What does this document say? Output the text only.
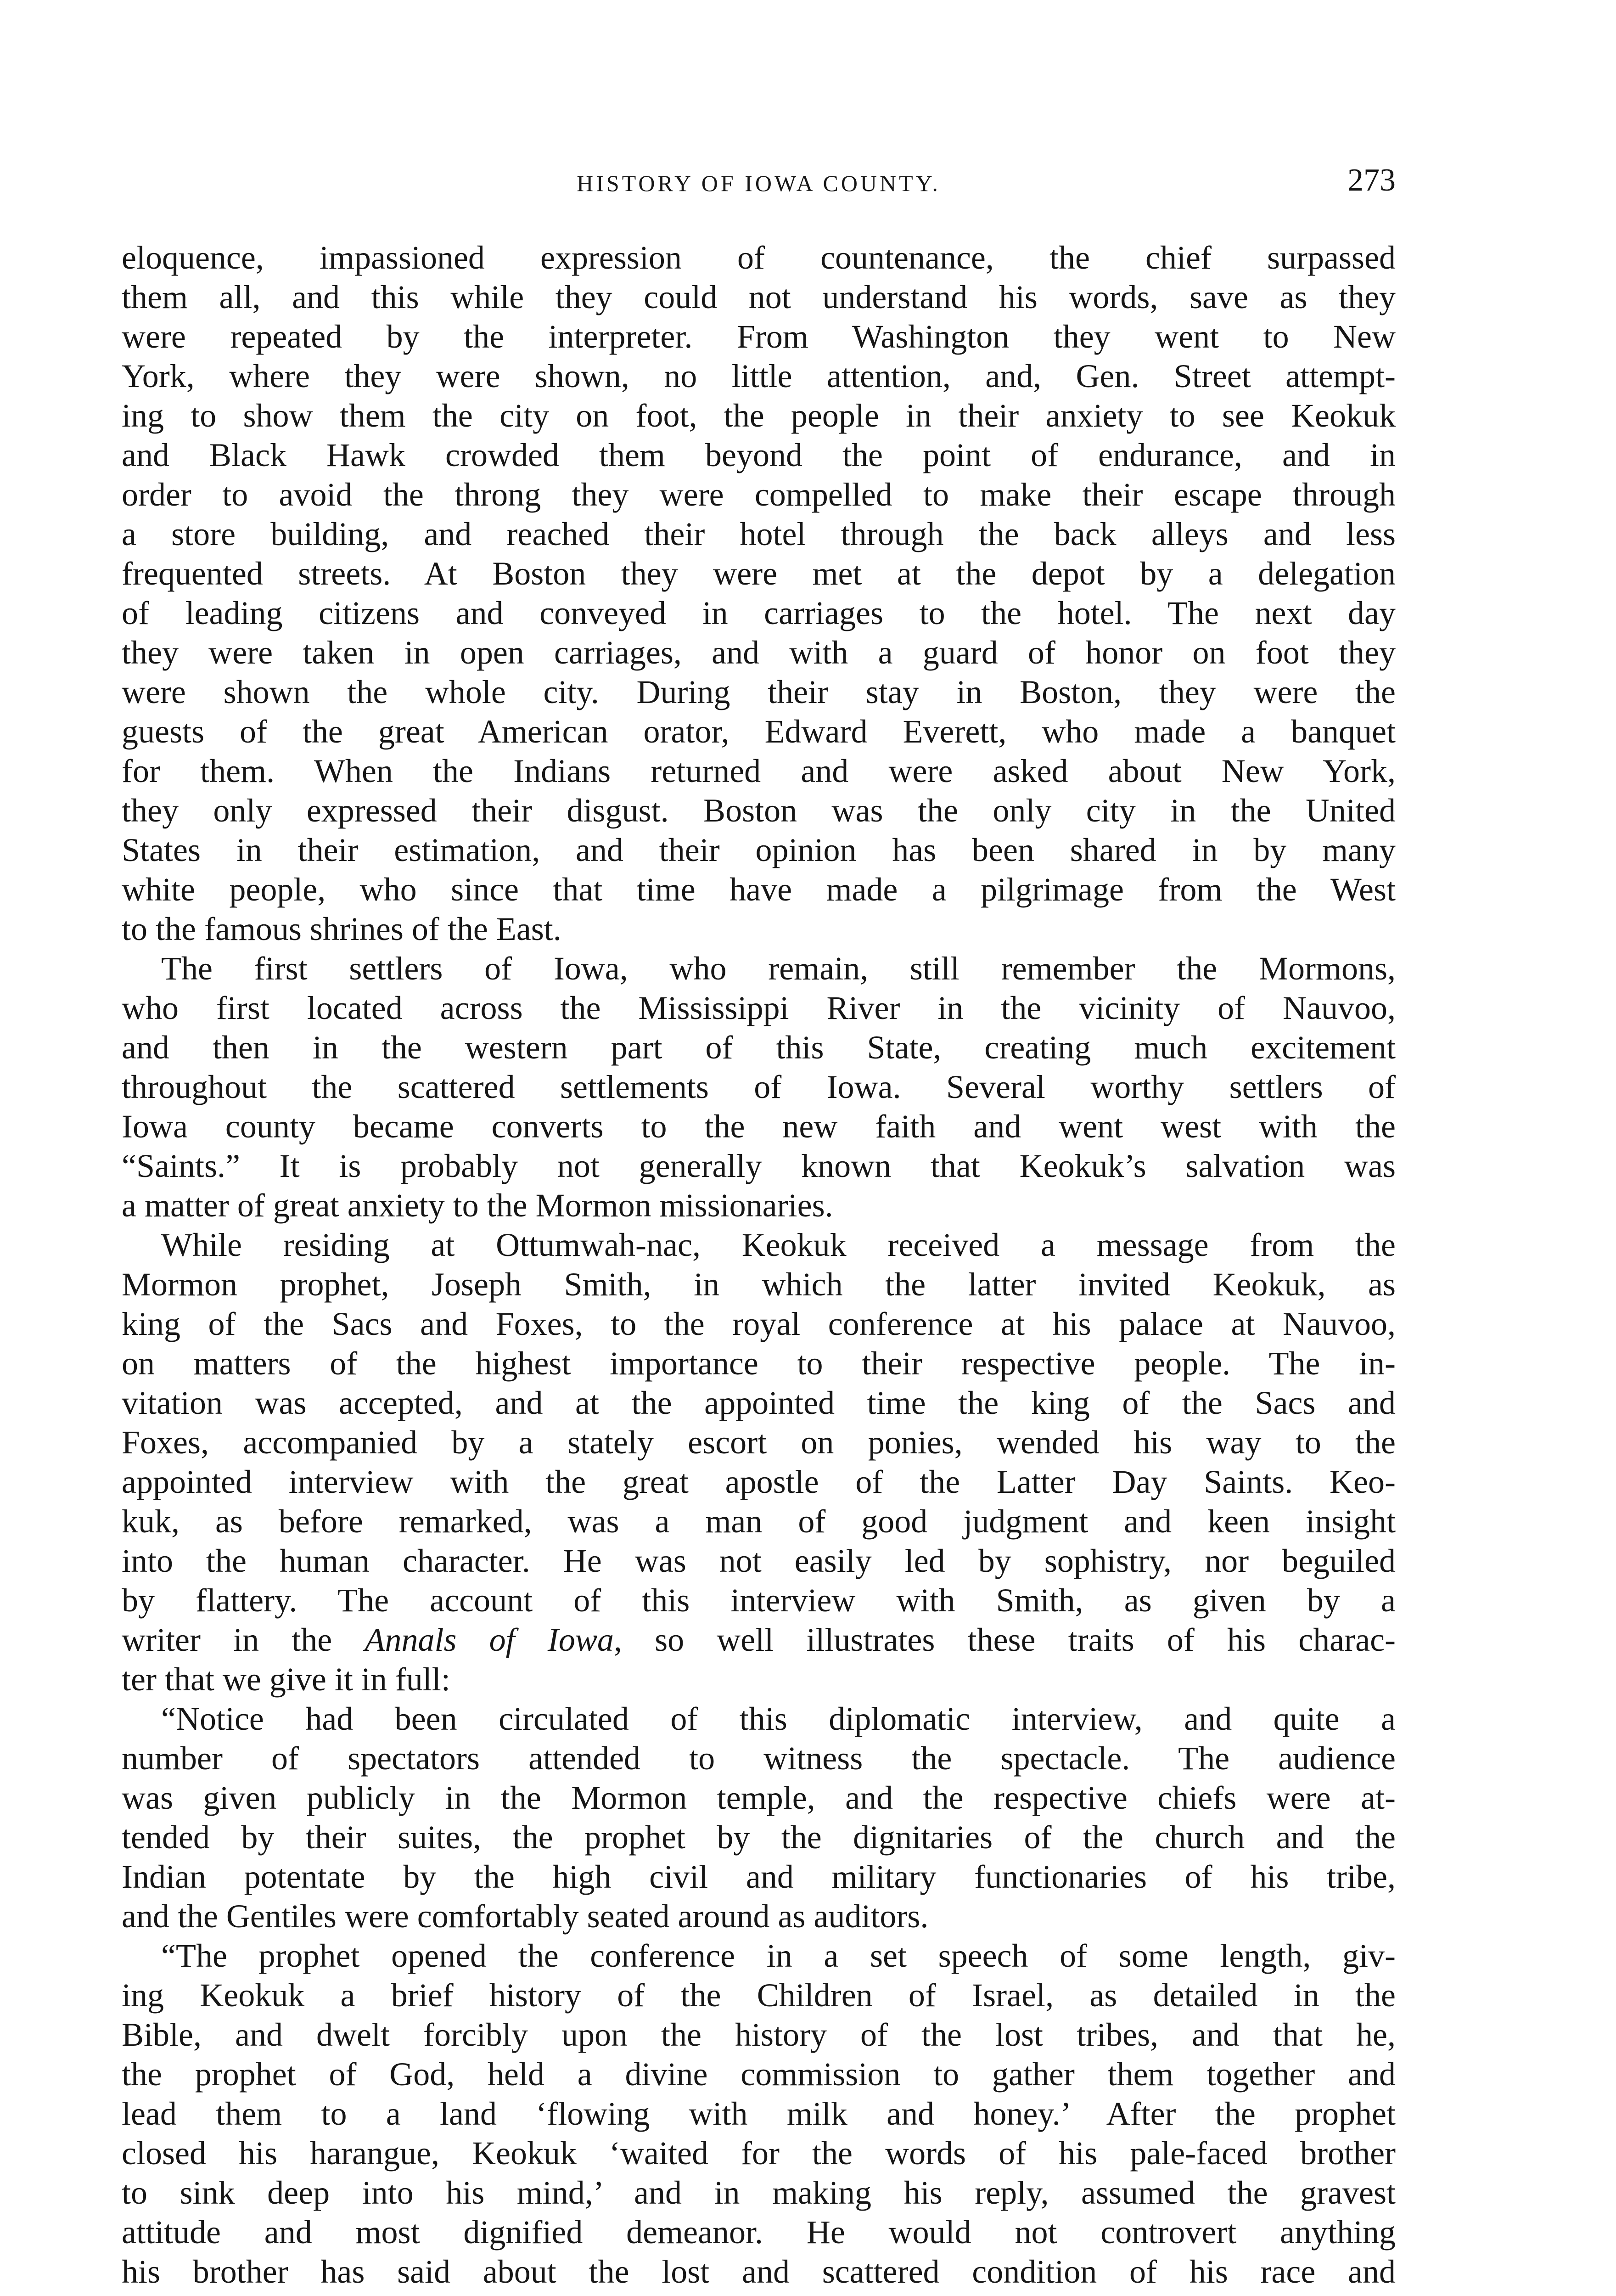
HISTORY OF IOWA COUNTY.	273
eloquence, impassioned expression of countenance, the chief surpassed
them all, and this while they could not understand his words, save as they
were repeated by the interpreter. From Washington they went to New
York, where they were shown, no little attention, and, Gen. Street attempt-
ing to show them the city on foot, the people in their anxiety to see Keokuk
and Black Hawk crowded them beyond the point of endurance, and in
order to avoid the throng they were compelled to make their escape through
a store building, and reached their hotel through the back alleys and less
frequented streets. At Boston they were met at the depot by a delegation
of leading citizens and conveyed in carriages to the hotel. The next day
they were taken in open carriages, and with a guard of honor on foot they
were shown the whole city. During their stay in Boston, they were the
guests of the great American orator, Edward Everett, who made a banquet
for them. When the Indians returned and were asked about New York,
they only expressed their disgust. Boston was the only city in the United
States in their estimation, and their opinion has been shared in by many
white people, who since that time have made a pilgrimage from the West
to the famous shrines of the East.
The first settlers of Iowa, who remain, still remember the Mormons,
who first located across the Mississippi River in the vicinity of Nauvoo,
and then in the western part of this State, creating much excitement
throughout the scattered settlements of Iowa. Several worthy settlers of
Iowa county became converts to the new faith and went west with the
“Saints.” It is probably not generally known that Keokuk’s salvation was
a matter of great anxiety to the Mormon missionaries.
While residing at Ottumwah-nac, Keokuk received a message from the
Mormon prophet, Joseph Smith, in which the latter invited Keokuk, as
king of the Sacs and Foxes, to the royal conference at his palace at Nauvoo,
on matters of the highest importance to their respective people. The in-
vitation was accepted, and at the appointed time the king of the Sacs and
Foxes, accompanied by a stately escort on ponies, wended his way to the
appointed interview with the great apostle of the Latter Day Saints. Keo-
kuk, as before remarked, was a man of good judgment and keen insight
into the human character. He was not easily led by sophistry, nor beguiled
by flattery. The account of this interview with Smith, as given by a
writer in the Annals of Iowa, so well illustrates these traits of his charac-
ter that we give it in full:
“Notice had been circulated of this diplomatic interview, and quite a
number of spectators attended to witness the spectacle. The audience
was given publicly in the Mormon temple, and the respective chiefs were at-
tended by their suites, the prophet by the dignitaries of the church and the
Indian potentate by the high civil and military functionaries of his tribe,
and the Gentiles were comfortably seated around as auditors.
“The prophet opened the conference in a set speech of some length, giv-
ing Keokuk a brief history of the Children of Israel, as detailed in the
Bible, and dwelt forcibly upon the history of the lost tribes, and that he,
the prophet of God, held a divine commission to gather them together and
lead them to a land ‘flowing with milk and honey.’ After the prophet
closed his harangue, Keokuk ‘waited for the words of his pale-faced brother
to sink deep into his mind,’ and in making his reply, assumed the gravest
attitude and most dignified demeanor. He would not controvert anything
his brother has said about the lost and scattered condition of his race and
